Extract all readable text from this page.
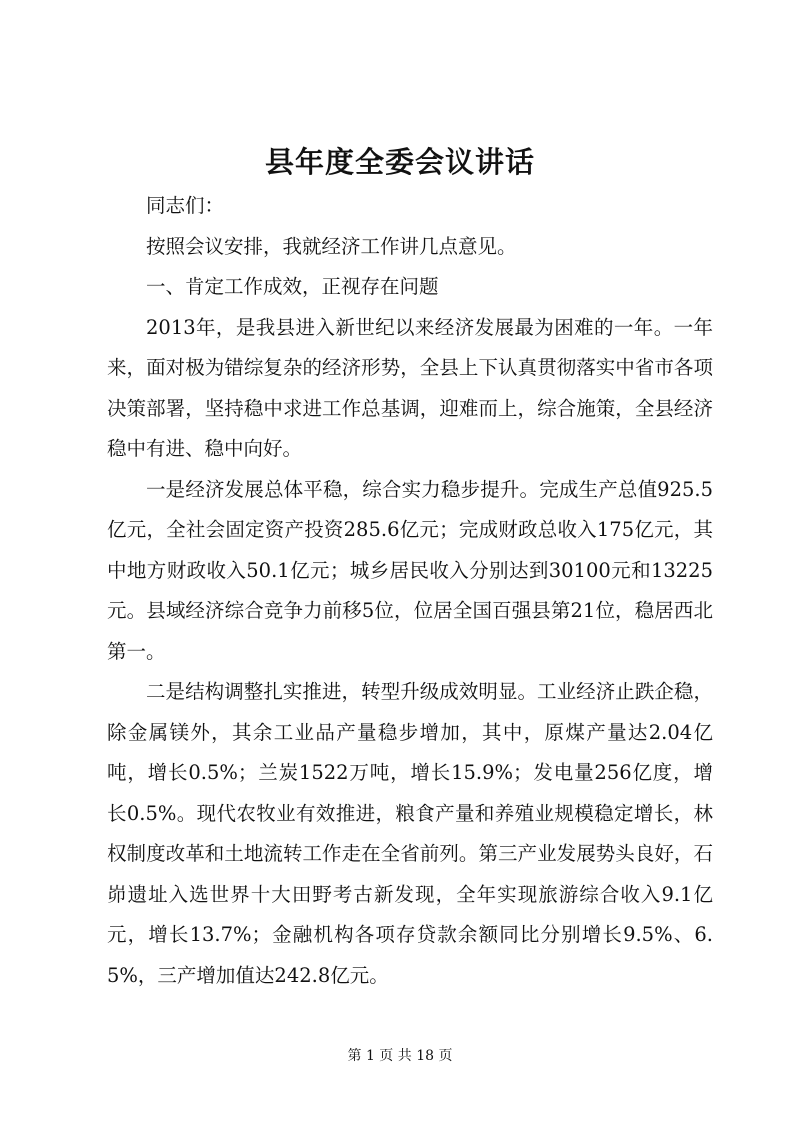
县年度全委会议讲话

同志们：

按照会议安排，我就经济工作讲几点意见。

一、肯定工作成效，正视存在问题

2013年，是我县进入新世纪以来经济发展最为困难的一年。一年来，面对极为错综复杂的经济形势，全县上下认真贯彻落实中省市各项决策部署，坚持稳中求进工作总基调，迎难而上，综合施策，全县经济稳中有进、稳中向好。

一是经济发展总体平稳，综合实力稳步提升。完成生产总值925.5亿元，全社会固定资产投资285.6亿元；完成财政总收入175亿元，其中地方财政收入50.1亿元；城乡居民收入分别达到30100元和13225元。县域经济综合竞争力前移5位，位居全国百强县第21位，稳居西北第一。

二是结构调整扎实推进，转型升级成效明显。工业经济止跌企稳，除金属镁外，其余工业品产量稳步增加，其中，原煤产量达2.04亿吨，增长0.5%；兰炭1522万吨，增长15.9%；发电量256亿度，增长0.5%。现代农牧业有效推进，粮食产量和养殖业规模稳定增长，林权制度改革和土地流转工作走在全省前列。第三产业发展势头良好，石峁遗址入选世界十大田野考古新发现，全年实现旅游综合收入9.1亿元，增长13.7%；金融机构各项存贷款余额同比分别增长9.5%、6.5%，三产增加值达242.8亿元。

第 1 页 共 18 页
